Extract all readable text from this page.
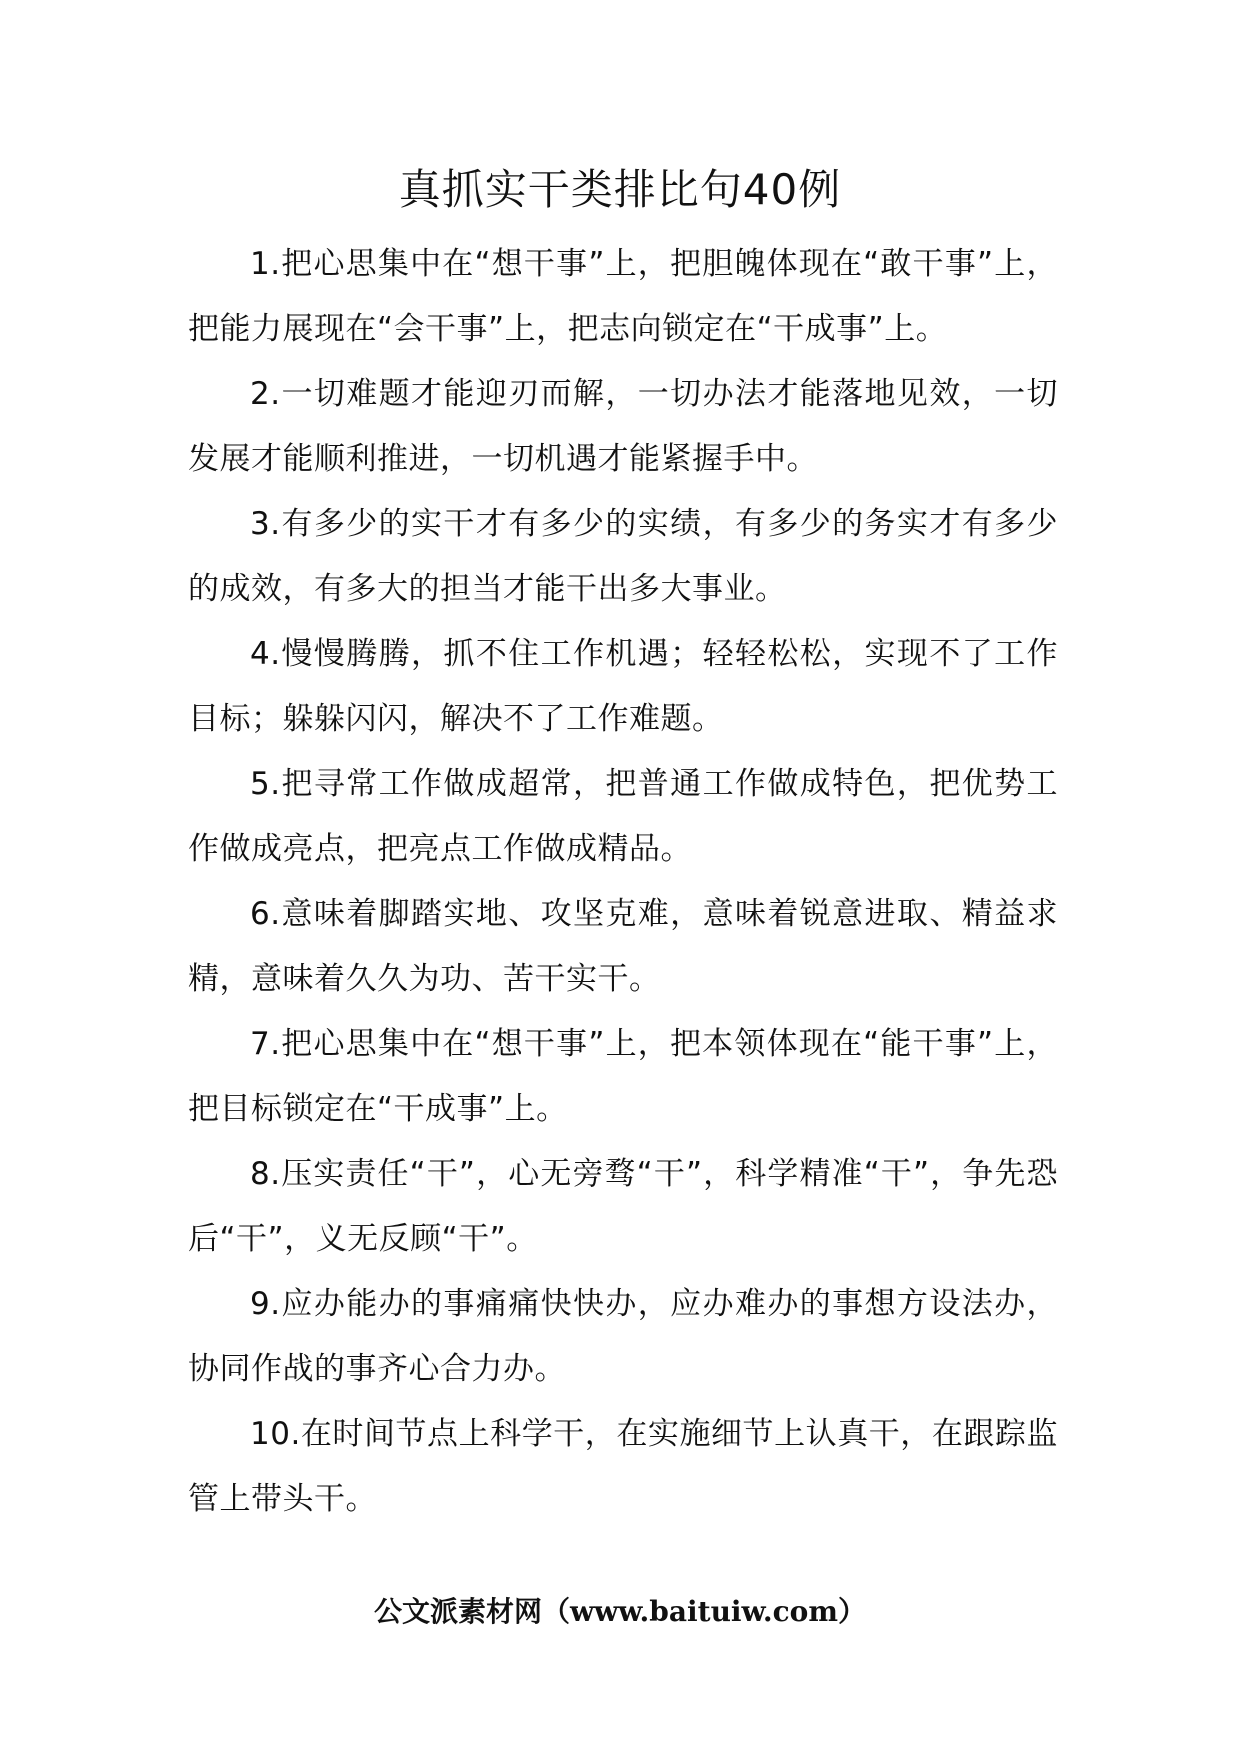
真抓实干类排比句40例

1.把心思集中在“想干事”上，把胆魄体现在“敢干事”上，把能力展现在“会干事”上，把志向锁定在“干成事”上。

2.一切难题才能迎刃而解，一切办法才能落地见效，一切发展才能顺利推进，一切机遇才能紧握手中。

3.有多少的实干才有多少的实绩，有多少的务实才有多少的成效，有多大的担当才能干出多大事业。

4.慢慢腾腾，抓不住工作机遇；轻轻松松，实现不了工作目标；躲躲闪闪，解决不了工作难题。

5.把寻常工作做成超常，把普通工作做成特色，把优势工作做成亮点，把亮点工作做成精品。

6.意味着脚踏实地、攻坚克难，意味着锐意进取、精益求精，意味着久久为功、苦干实干。

7.把心思集中在“想干事”上，把本领体现在“能干事”上，把目标锁定在“干成事”上。

8.压实责任“干”，心无旁骛“干”，科学精准“干”，争先恐后“干”，义无反顾“干”。

9.应办能办的事痛痛快快办，应办难办的事想方设法办，协同作战的事齐心合力办。

10.在时间节点上科学干，在实施细节上认真干，在跟踪监管上带头干。

公文派素材网（www.baituiw.com）
